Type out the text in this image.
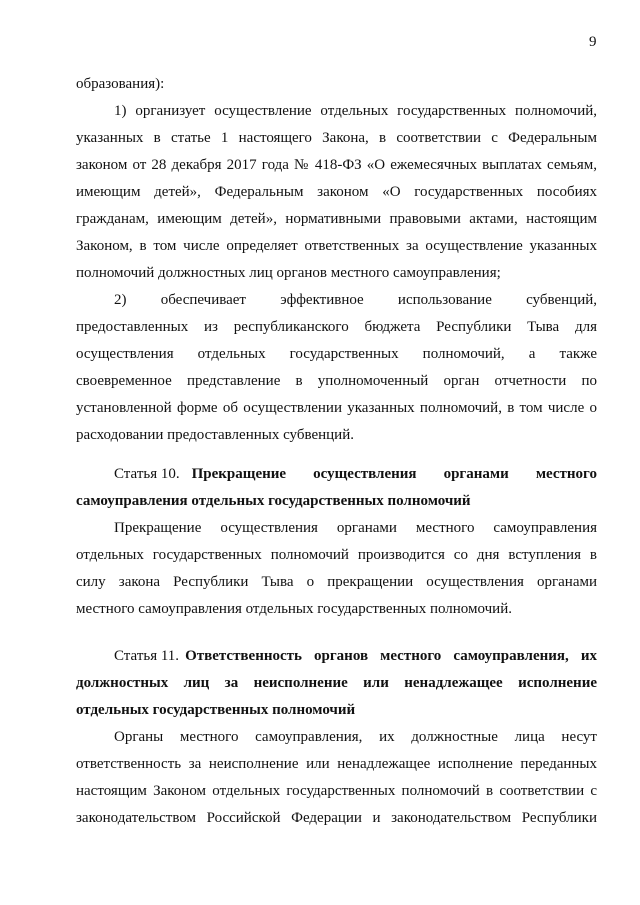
9
образования):
1) организует осуществление отдельных государственных полномочий,
указанных в статье 1 настоящего Закона, в соответствии с Федеральным
законом от 28 декабря 2017 года № 418-ФЗ «О ежемесячных выплатах семьям,
имеющим детей», Федеральным законом «О государственных пособиях
гражданам, имеющим детей», нормативными правовыми актами, настоящим
Законом, в том числе определяет ответственных за осуществление указанных
полномочий должностных лиц органов местного самоуправления;
2) обеспечивает эффективное использование субвенций,
предоставленных из республиканского бюджета Республики Тыва для
осуществления отдельных государственных полномочий, а также
своевременное представление в уполномоченный орган отчетности по
установленной форме об осуществлении указанных полномочий, в том числе о
расходовании предоставленных субвенций.
Статья 10. Прекращение осуществления органами местного
самоуправления отдельных государственных полномочий
Прекращение осуществления органами местного самоуправления
отдельных государственных полномочий производится со дня вступления в
силу закона Республики Тыва о прекращении осуществления органами
местного самоуправления отдельных государственных полномочий.
Статья 11. Ответственность органов местного самоуправления, их
должностных лиц за неисполнение или ненадлежащее исполнение
отдельных государственных полномочий
Органы местного самоуправления, их должностные лица несут
ответственность за неисполнение или ненадлежащее исполнение переданных
настоящим Законом отдельных государственных полномочий в соответствии с
законодательством Российской Федерации и законодательством Республики
